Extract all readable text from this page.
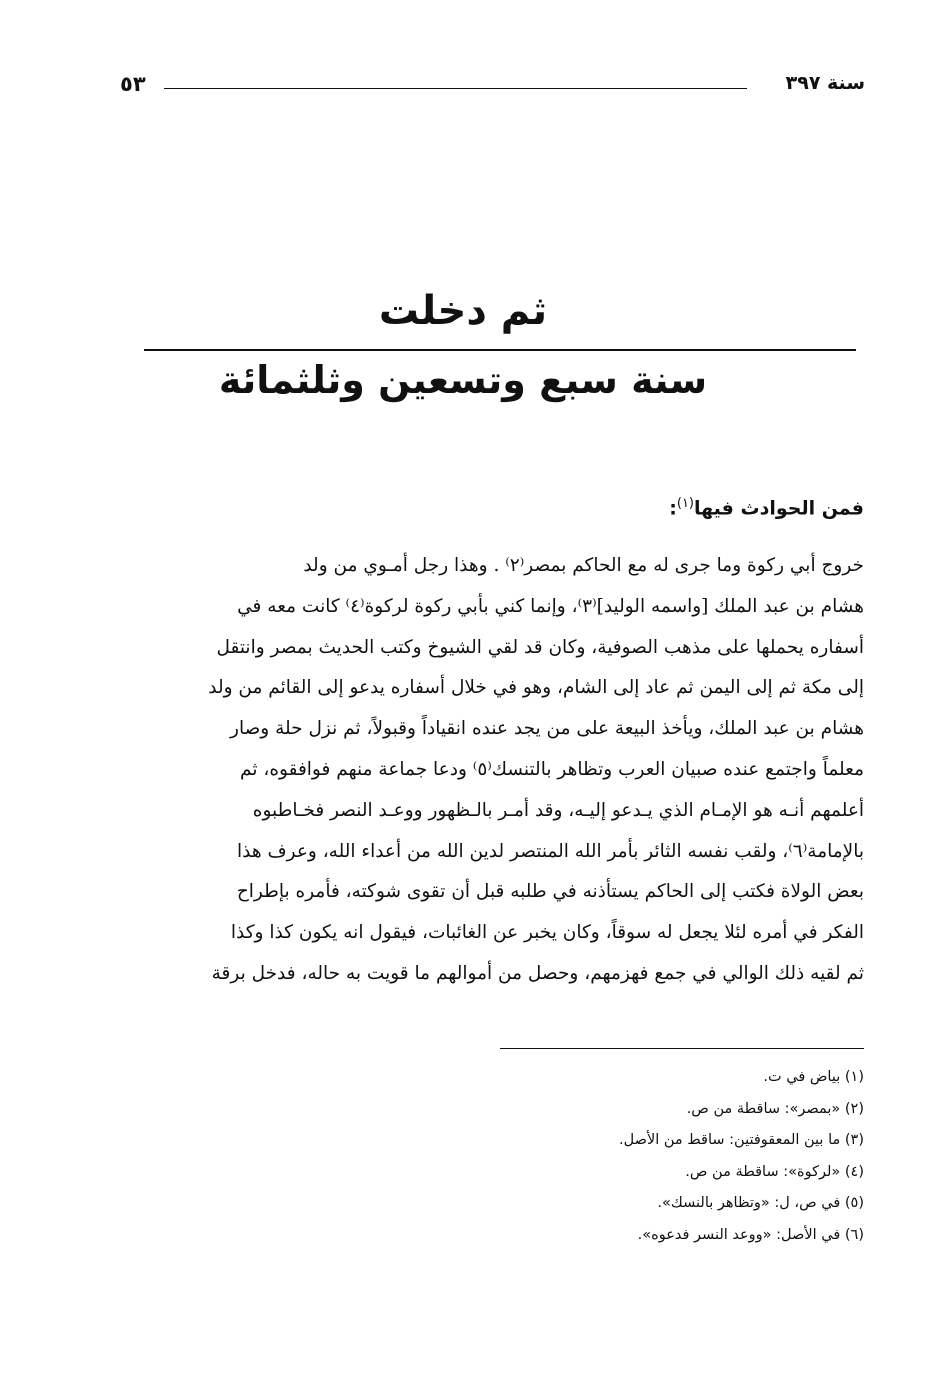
سنة ٣٩٧
٥٣
ثم دخلت
سنة سبع وتسعين وثلثمائة
فمن الحوادث فيها$^{(١)}$:
خروج أبي ركوة وما جرى له مع الحاكم بمصر⁽٢⁾ . وهذا رجل أمـوي من ولد
هشام بن عبد الملك [واسمه الوليد]⁽٣⁾، وإنما كني بأبي ركوة لركوة⁽٤⁾ كانت معه في
أسفاره يحملها على مذهب الصوفية، وكان قد لقي الشيوخ وكتب الحديث بمصر وانتقل
إلى مكة ثم إلى اليمن ثم عاد إلى الشام، وهو في خلال أسفاره يدعو إلى القائم من ولد
هشام بن عبد الملك، ويأخذ البيعة على من يجد عنده انقياداً وقبولاً، ثم نزل حلة وصار
معلماً واجتمع عنده صبيان العرب وتظاهر بالتنسك⁽٥⁾ ودعا جماعة منهم فوافقوه، ثم
أعلمهم أنـه هو الإمـام الذي يـدعو إليـه، وقد أمـر بالـظهور ووعـد النصر فخـاطبوه
بالإمامة⁽٦⁾، ولقب نفسه الثائر بأمر الله المنتصر لدين الله من أعداء الله، وعرف هذا
بعض الولاة فكتب إلى الحاكم يستأذنه في طلبه قبل أن تقوى شوكته، فأمره بإطراح
الفكر في أمره لئلا يجعل له سوقاً، وكان يخبر عن الغائبات، فيقول انه يكون كذا وكذا
ثم لقيه ذلك الوالي في جمع فهزمهم، وحصل من أموالهم ما قويت به حاله، فدخل برقة
(١) بياض في ت.
(٢) «بمصر»: ساقطة من ص.
(٣) ما بين المعقوفتين: ساقط من الأصل.
(٤) «لركوة»: ساقطة من ص.
(٥) في ص، ل: «وتظاهر بالنسك».
(٦) في الأصل: «ووعد النسر فدعوه».
